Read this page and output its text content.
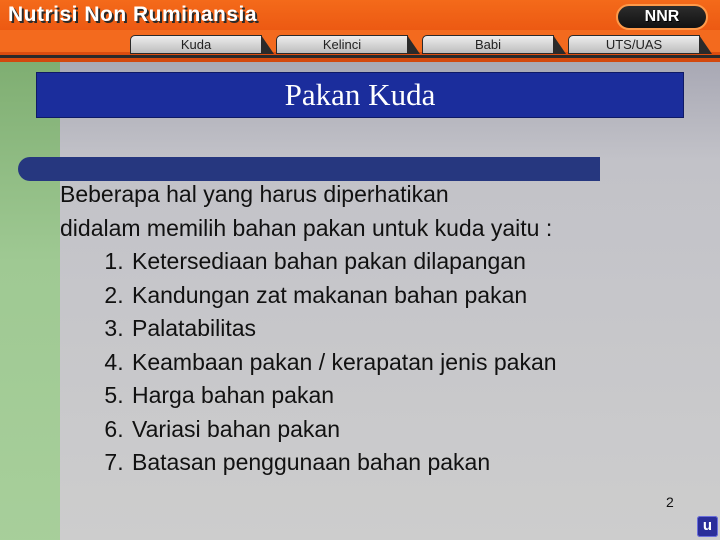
Nutrisi Non Ruminansia	NNR
Kuda	Kelinci	Babi	UTS/UAS
Pakan Kuda

Beberapa hal yang harus diperhatikan

didalam memilih bahan pakan untuk kuda yaitu :

1. Ketersediaan bahan pakan dilapangan
2. Kandungan zat makanan bahan pakan
3. Palatabilitas
4. Keambaan pakan / kerapatan jenis pakan
5. Harga bahan pakan
6. Variasi bahan pakan
7. Batasan penggunaan bahan pakan
2
u
